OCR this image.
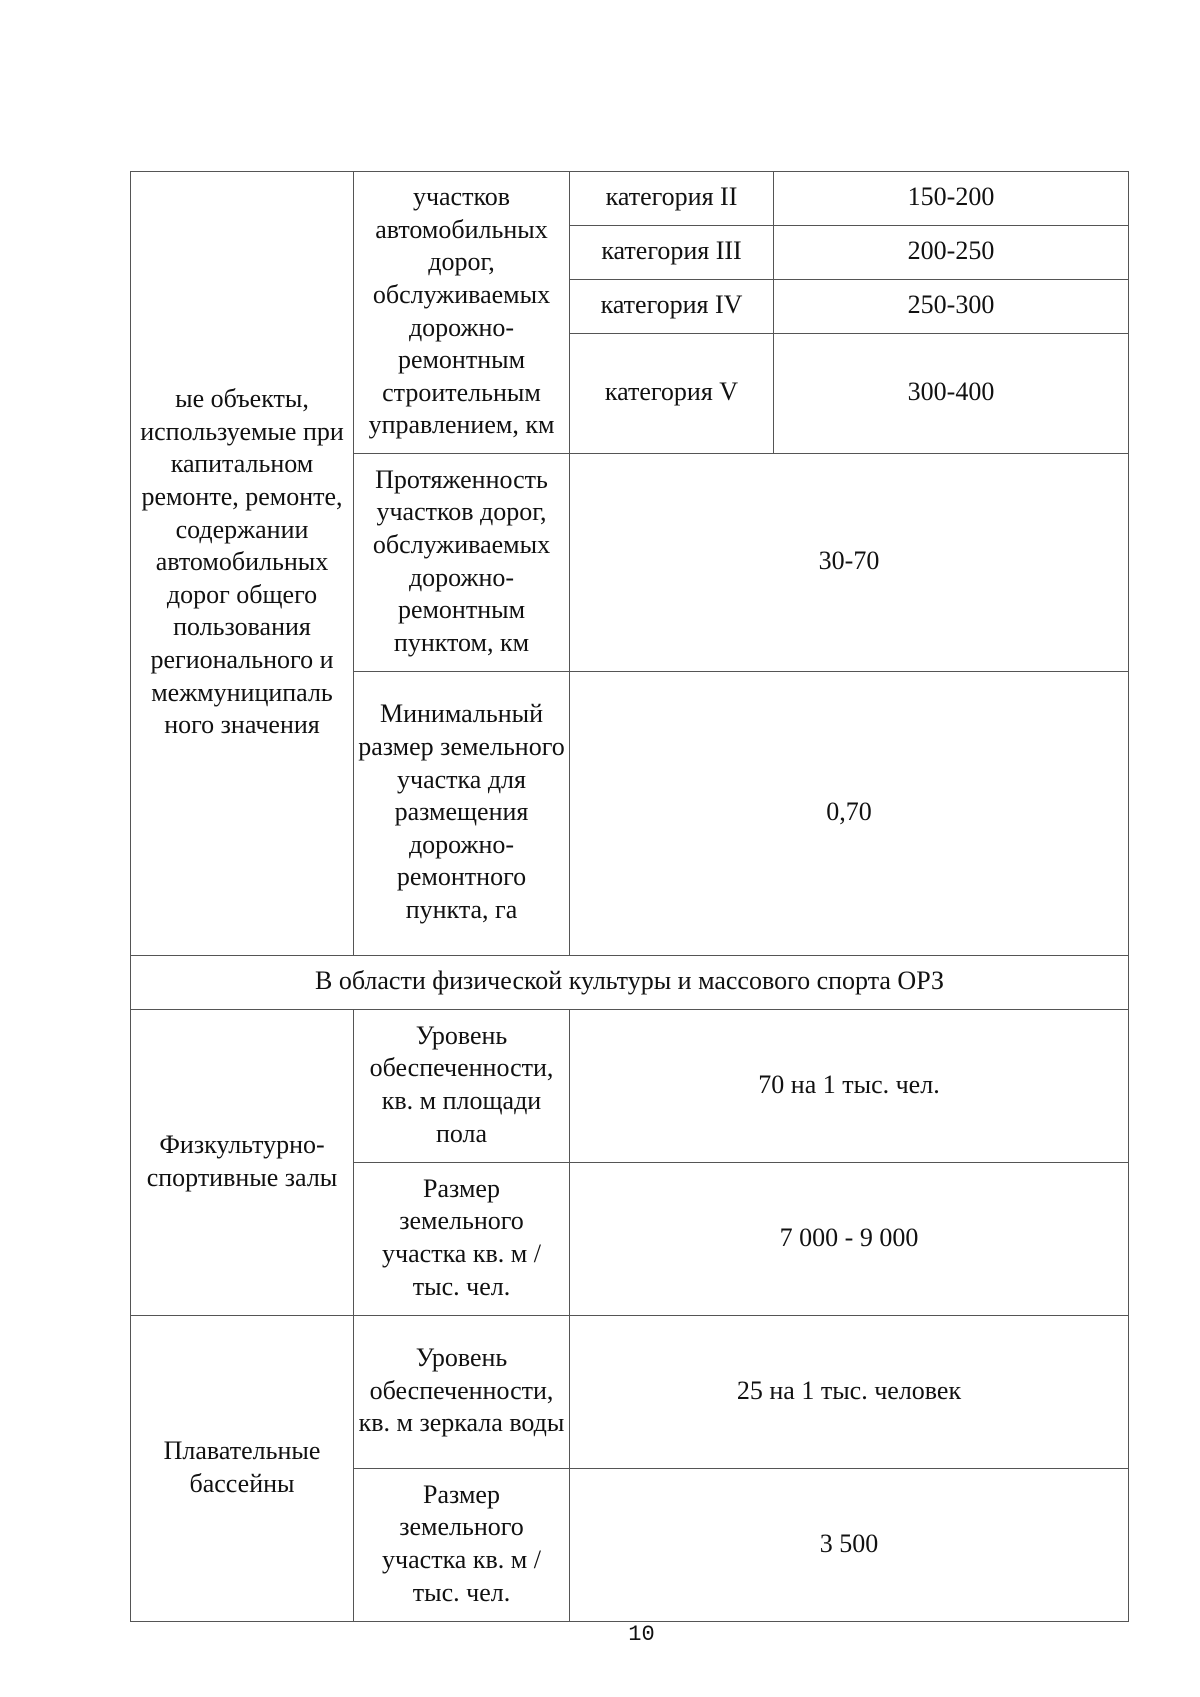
ые объекты, используемые при капитальном ремонте, ремонте, содержании автомобильных дорог общего пользования регионального и межмуниципаль ного значения	участков автомобильных дорог, обслуживаемых дорожно-ремонтным строительным управлением, км	категория II	150-200
		категория III	200-250
		категория IV	250-300
		категория V	300-400
	Протяженность участков дорог, обслуживаемых дорожно-ремонтным пунктом, км	30-70	
	Минимальный размер земельного участка для размещения дорожно-ремонтного пункта, га	0,70	

В области физической культуры и массового спорта ОРЗ			
Физкультурно-спортивные залы	Уровень обеспеченности, кв. м площади пола	70 на 1 тыс. чел.	
	Размер земельного участка кв. м / тыс. чел.	7 000 - 9 000	
Плавательные бассейны	Уровень обеспеченности, кв. м зеркала воды	25 на 1 тыс. человек	
	Размер земельного участка кв. м / тыс. чел.	3 500	
10
